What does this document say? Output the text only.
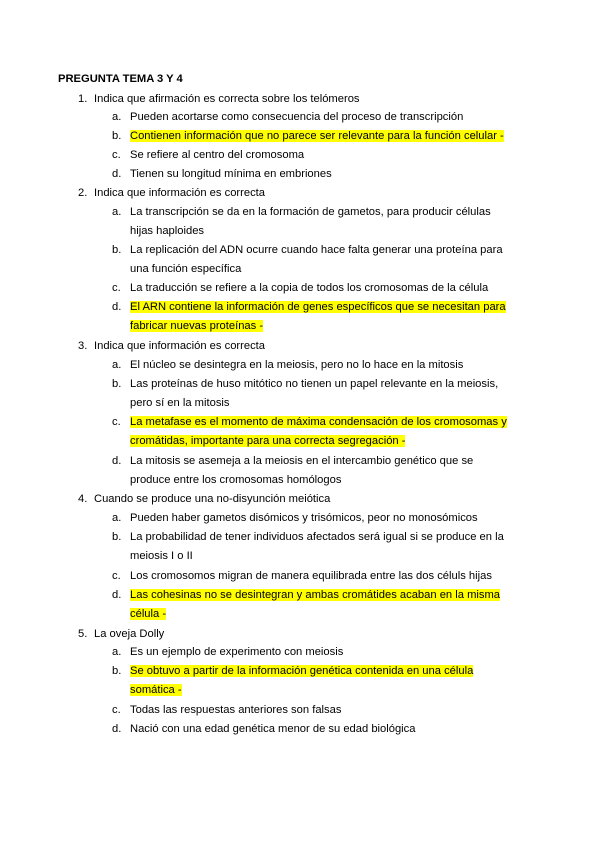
PREGUNTA TEMA 3 Y 4
1. Indica que afirmación es correcta sobre los telómeros
a. Pueden acortarse como consecuencia del proceso de transcripción
b. Contienen información que no parece ser relevante para la función celular -
c. Se refiere al centro del cromosoma
d. Tienen su longitud mínima en embriones
2. Indica que información es correcta
a. La transcripción se da en la formación de gametos, para producir células
hijas haploides
b. La replicación del ADN ocurre cuando hace falta generar una proteína para
una función específica
c. La traducción se refiere a la copia de todos los cromosomas de la célula
d. El ARN contiene la información de genes específicos que se necesitan para
fabricar nuevas proteínas -
3. Indica que información es correcta
a. El núcleo se desintegra en la meiosis, pero no lo hace en la mitosis
b. Las proteínas de huso mitótico no tienen un papel relevante en la meiosis,
pero sí en la mitosis
c. La metafase es el momento de máxima condensación de los cromosomas y
cromátidas, importante para una correcta segregación -
d. La mitosis se asemeja a la meiosis en el intercambio genético que se
produce entre los cromosomas homólogos
4. Cuando se produce una no-disyunción meiótica
a. Pueden haber gametos disómicos y trisómicos, peor no monosómicos
b. La probabilidad de tener individuos afectados será igual si se produce en la
meiosis I o II
c. Los cromosomos migran de manera equilibrada entre las dos céluls hijas
d. Las cohesinas no se desintegran y ambas cromátides acaban en la misma
célula -
5. La oveja Dolly
a. Es un ejemplo de experimento con meiosis
b. Se obtuvo a partir de la información genética contenida en una célula
somática -
c. Todas las respuestas anteriores son falsas
d. Nació con una edad genética menor de su edad biológica
